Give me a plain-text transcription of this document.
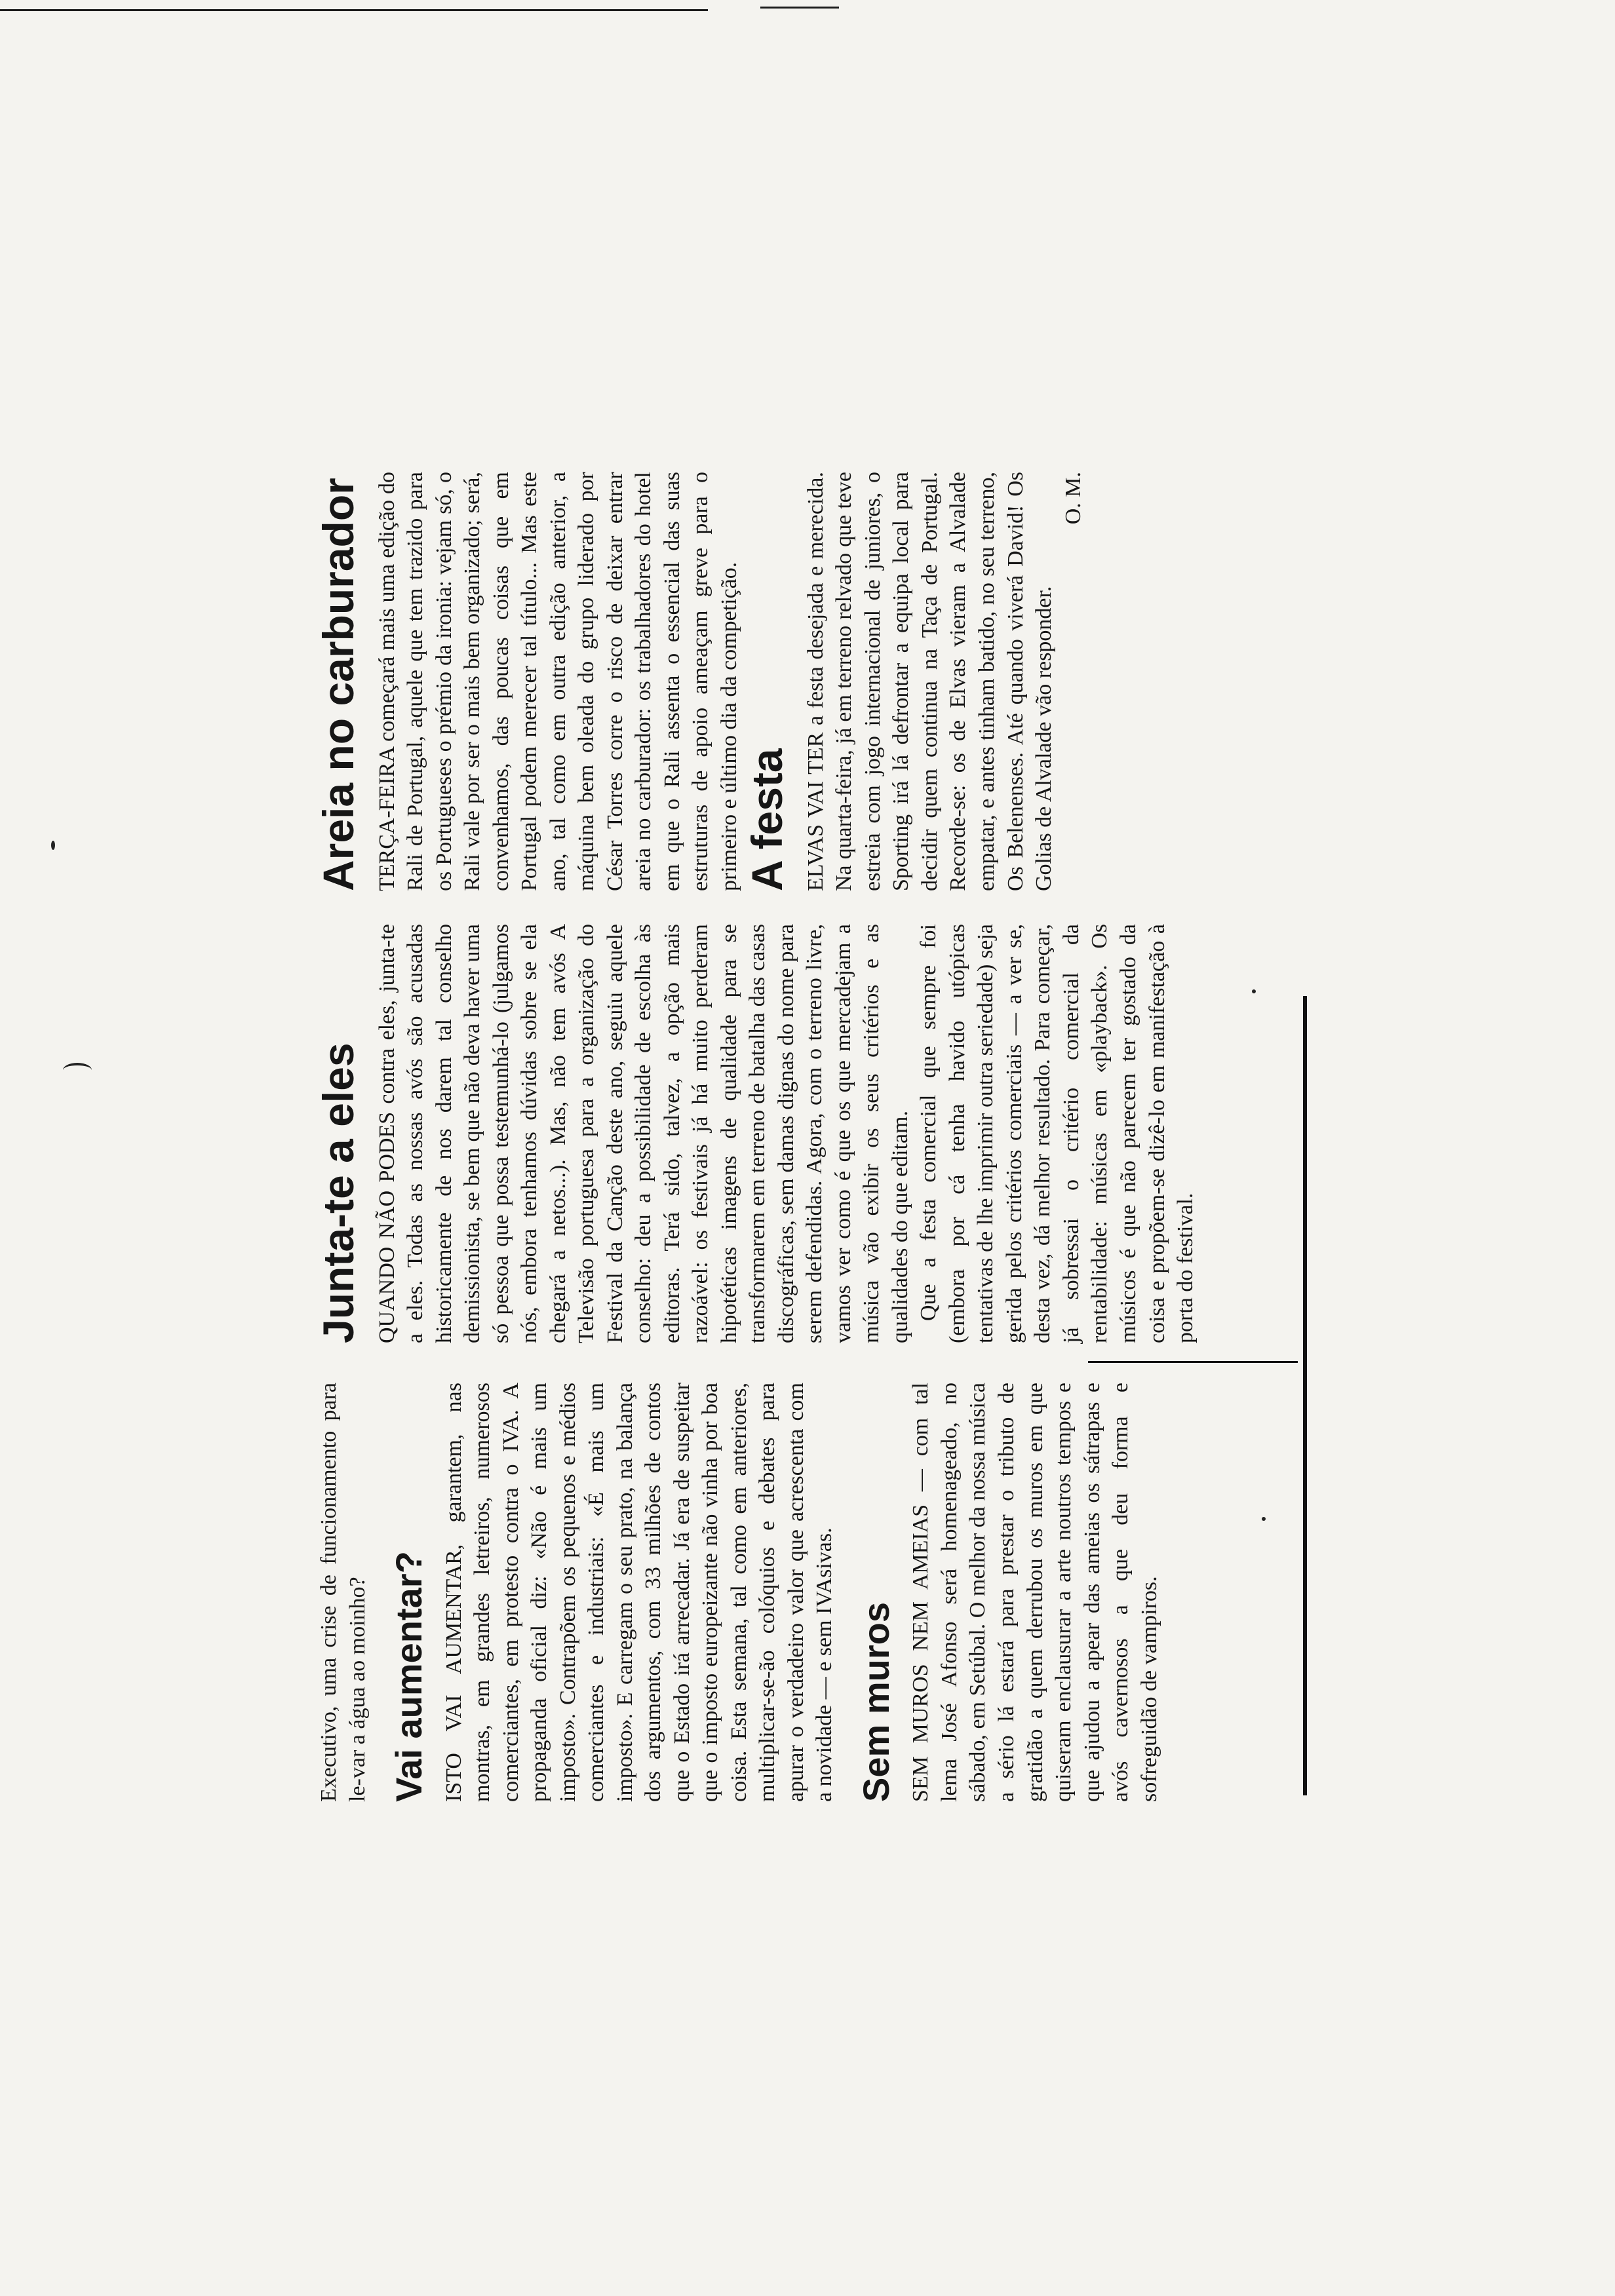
Executivo, uma crise de funcionamento para le-var a água ao moinho? Vai aumentar? ISTO VAI AUMENTAR, garantem, nas montras, em grandes letreiros, numerosos comerciantes, em protesto contra o IVA. A propaganda oficial diz: «Não é mais um imposto». Contrapõem os pequenos e médios comerciantes e industriais: «É mais um imposto». E carregam o seu prato, na balança dos argumentos, com 33 milhões de contos que o Estado irá arrecadar. Já era de suspeitar que o imposto europeizante não vinha por boa coisa. Esta semana, tal como em anteriores, multiplicar-se-ão colóquios e debates para apurar o verdadeiro valor que acrescenta com a novidade — e sem IVAsivas. Sem muros SEM MUROS NEM AMEIAS — com tal lema José Afonso será homenageado, no sábado, em Setúbal. O melhor da nossa música a sério lá estará para prestar o tributo de gratidão a quem derrubou os muros em que quiseram enclausurar a arte noutros tempos e que ajudou a apear das ameias os sátrapas e avós cavernosos a que deu forma e sofreguidão de vampiros.

Junta-te a eles QUANDO NÃO PODES contra eles, junta-te a eles. Todas as nossas avós são acusadas historicamente de nos darem tal conselho demissionista, se bem que não deva haver uma só pessoa que possa testemunhá-lo (julgamos nós, embora tenhamos dúvidas sobre se ela chegará a netos...). Mas, não tem avós A Televisão portuguesa para a organização do Festival da Canção deste ano, seguiu aquele conselho: deu a possibilidade de escolha às editoras. Terá sido, talvez, a opção mais razoável: os festivais já há muito perderam hipotéticas imagens de qualidade para se transformarem em terreno de batalha das casas discográficas, sem damas dignas do nome para serem defendidas. Agora, com o terreno livre, vamos ver como é que os que mercadejam a música vão exibir os seus critérios e as qualidades do que editam. Que a festa comercial que sempre foi (embora por cá tenha havido utópicas tentativas de lhe imprimir outra seriedade) seja gerida pelos critérios comerciais — a ver se, desta vez, dá melhor resultado. Para começar, já sobressai o critério comercial da rentabilidade: músicas em «playback». Os músicos é que não parecem ter gostado da coisa e propõem-se dizê-lo em manifestação à porta do festival.

Areia no carburador TERÇA-FEIRA começará mais uma edição do Rali de Portugal, aquele que tem trazido para os Portugueses o prémio da ironia: vejam só, o Rali vale por ser o mais bem organizado; será, convenhamos, das poucas coisas que em Portugal podem merecer tal título... Mas este ano, tal como em outra edição anterior, a máquina bem oleada do grupo liderado por César Torres corre o risco de deixar entrar areia no carburador: os trabalhadores do hotel em que o Rali assenta o essencial das suas estruturas de apoio ameaçam greve para o primeiro e último dia da competição. A festa ELVAS VAI TER a festa desejada e merecida. Na quarta-feira, já em terreno relvado que teve estreia com jogo internacional de juniores, o Sporting irá lá defrontar a equipa local para decidir quem continua na Taça de Portugal. Recorde-se: os de Elvas vieram a Alvalade empatar, e antes tinham batido, no seu terreno, Os Belenenses. Até quando viverá David! Os Golias de Alvalade vão responder.

O. M.
